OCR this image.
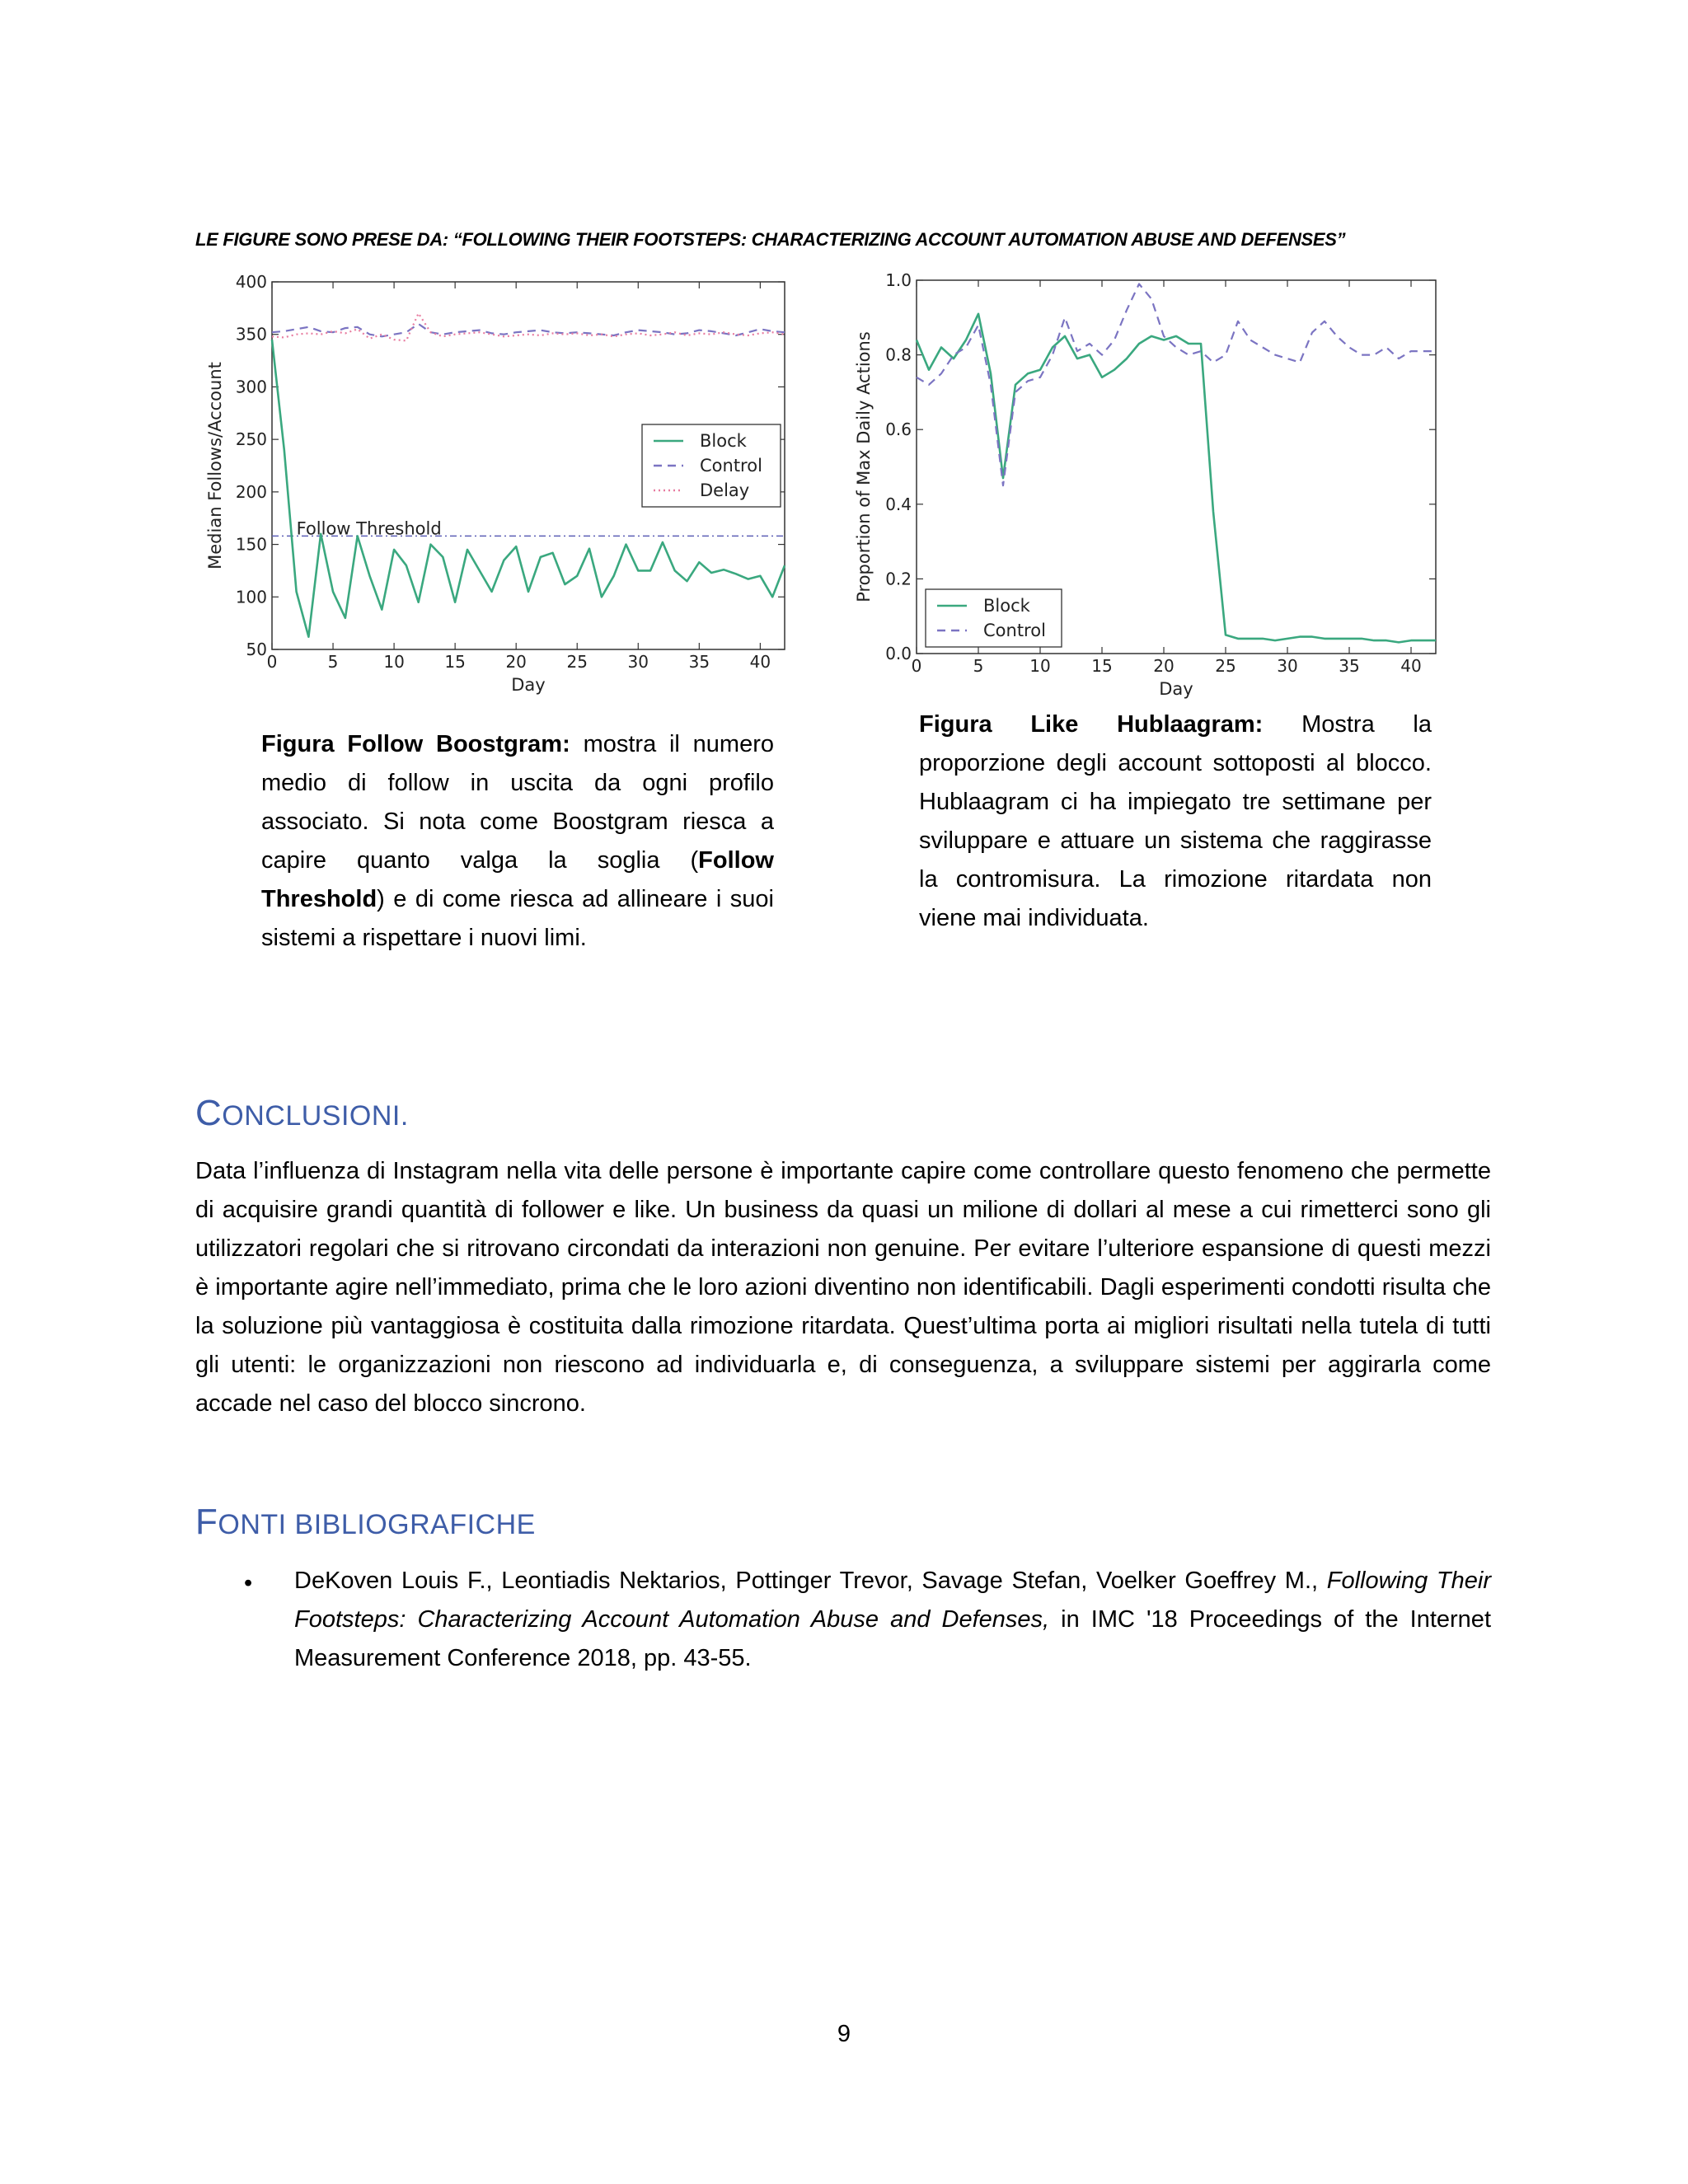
LE FIGURE SONO PRESE DA: “FOLLOWING THEIR FOOTSTEPS: CHARACTERIZING ACCOUNT AUTOMATION ABUSE AND DEFENSES”
0	5	10 15 20 25 30 35 40
50
100
150
200
250
300
350
400
Day
Median Follows/Account	Follow Threshold
Block
Control
Delay
0	5	10 15 20 25 30 35 40
0.0
0.2
0.4
0.6
0.8
1.0
Day
Proportion of Max Daily Actions
Block
Control
Figura Follow Boostgram: mostra il numero medio di follow in uscita da ogni profilo associato. Si nota come Boostgram riesca a capire quanto valga la soglia (Follow Threshold) e di come riesca ad allineare i suoi sistemi a rispettare i nuovi limi.
Figura Like Hublaagram: Mostra la proporzione degli account sottoposti al blocco. Hublaagram ci ha impiegato tre settimane per sviluppare e attuare un sistema che raggirasse la contromisura. La rimozione ritardata non viene mai individuata.
CONCLUSIONI.
Data l’influenza di Instagram nella vita delle persone è importante capire come controllare questo fenomeno che permette di acquisire grandi quantità di follower e like. Un business da quasi un milione di dollari al mese a cui rimetterci sono gli utilizzatori regolari che si ritrovano circondati da interazioni non genuine. Per evitare l’ulteriore espansione di questi mezzi è importante agire nell’immediato, prima che le loro azioni diventino non identificabili. Dagli esperimenti condotti risulta che la soluzione più vantaggiosa è costituita dalla rimozione ritardata. Quest’ultima porta ai migliori risultati nella tutela di tutti gli utenti: le organizzazioni non riescono ad individuarla e, di conseguenza, a sviluppare sistemi per aggirarla come accade nel caso del blocco sincrono.
FONTI BIBLIOGRAFICHE
• DeKoven Louis F., Leontiadis Nektarios, Pottinger Trevor, Savage Stefan, Voelker Goeffrey M., Following Their Footsteps: Characterizing Account Automation Abuse and Defenses, in IMC '18 Proceedings of the Internet Measurement Conference 2018, pp. 43-55.
9
